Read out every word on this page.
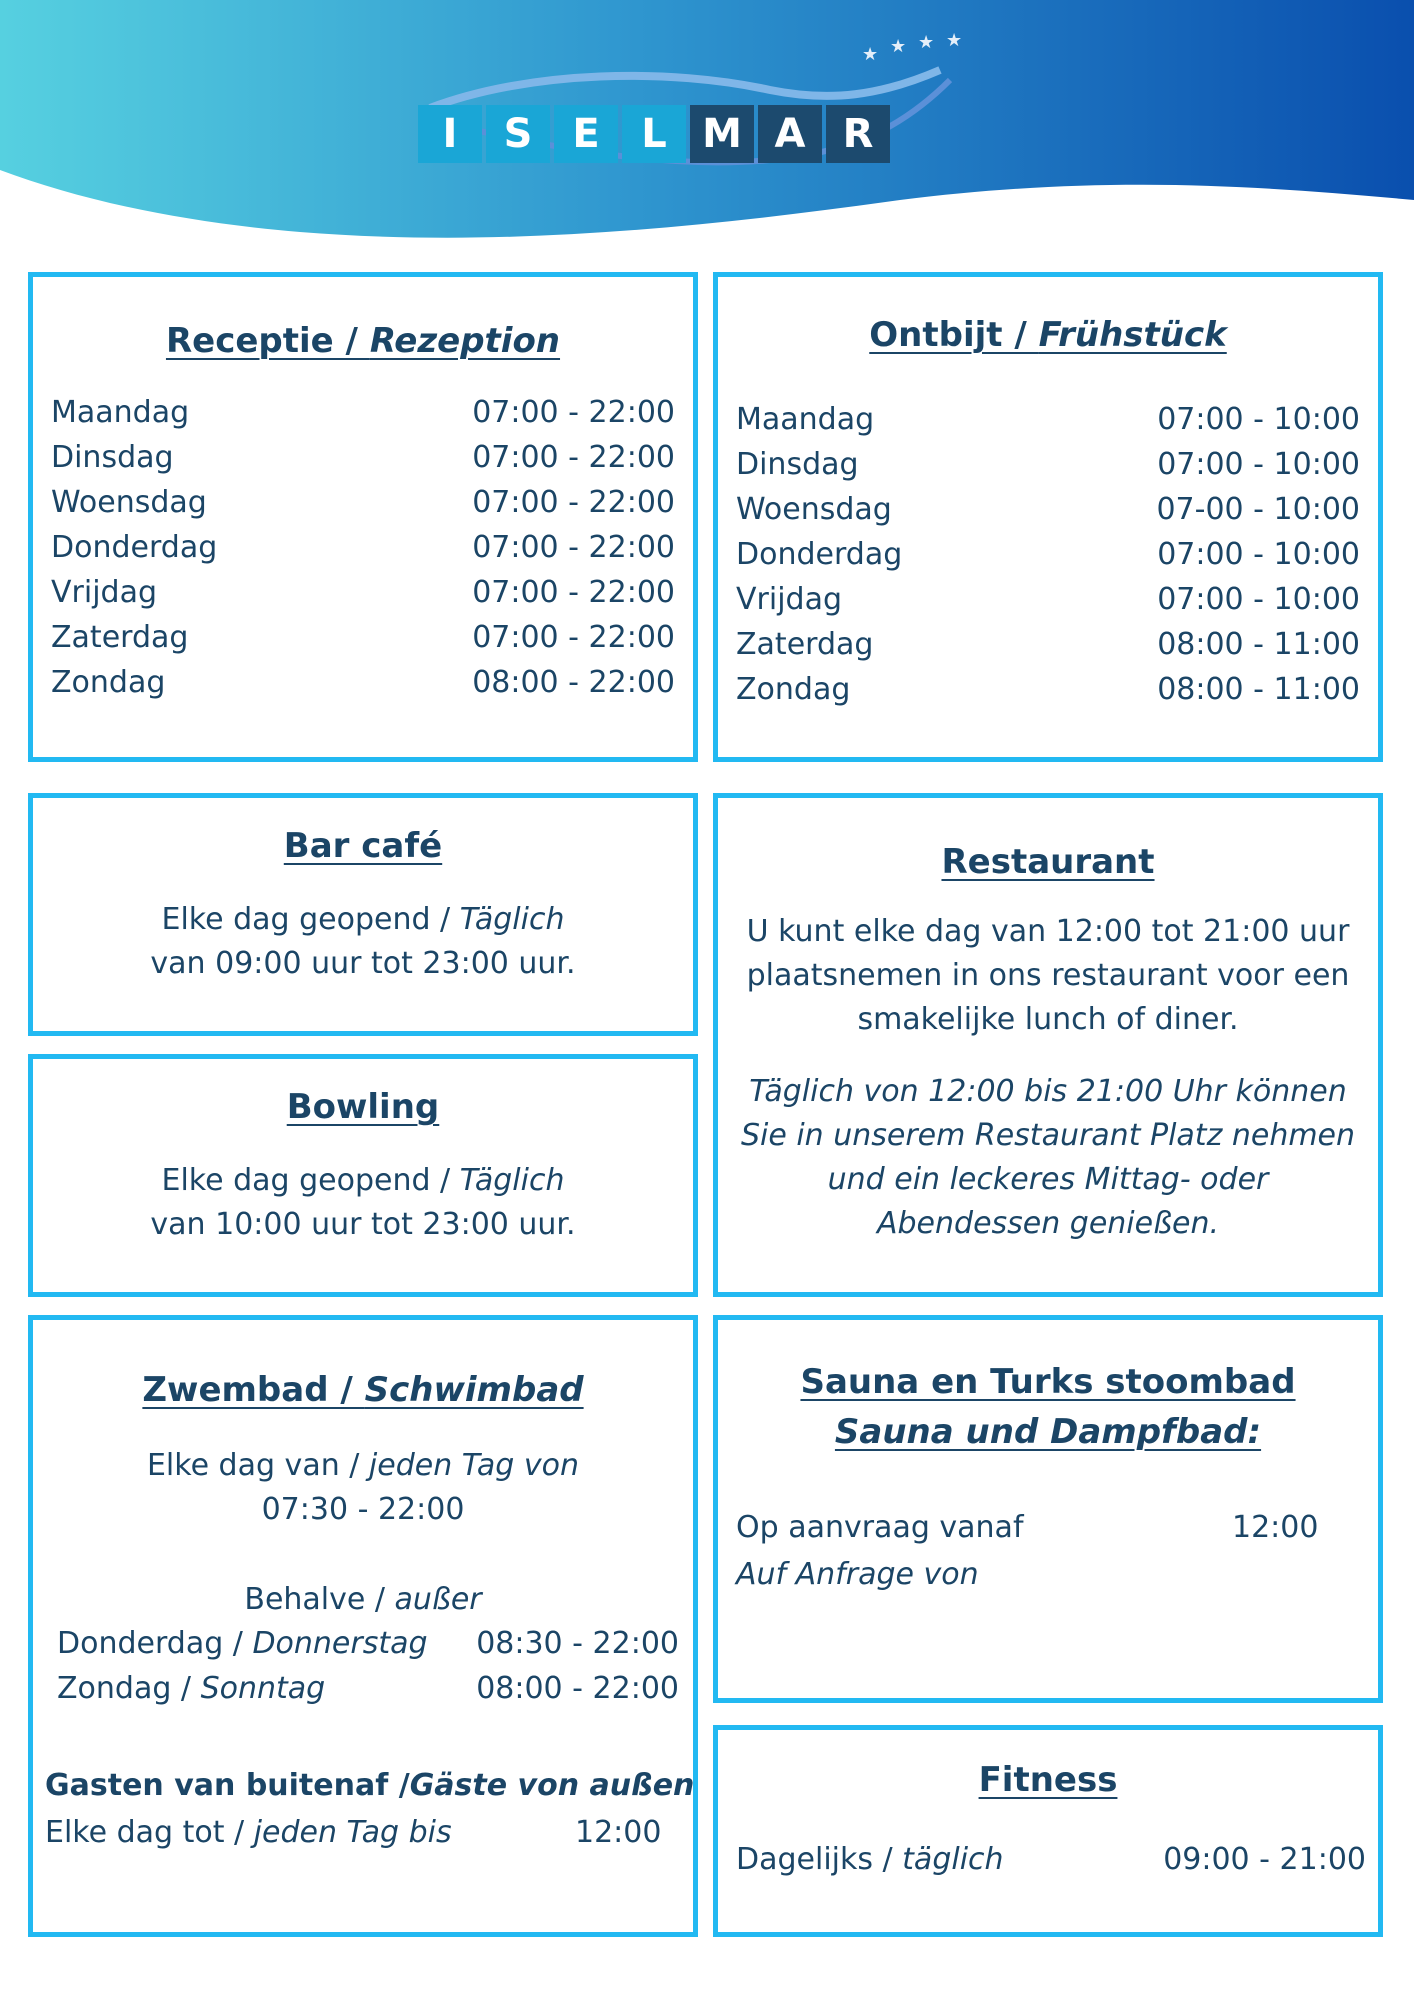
★ ★ ★ ★
I	S E	L M A R
Receptie / Rezeption
Maandag	07:00 - 22:00
Dinsdag	07:00 - 22:00
Woensdag	07:00 - 22:00
Donderdag	07:00 - 22:00
Vrijdag	07:00 - 22:00
Zaterdag	07:00 - 22:00
Zondag	08:00 - 22:00
Ontbijt / Frühstück
Maandag	07:00 - 10:00
Dinsdag	07:00 - 10:00
Woensdag	07-00 - 10:00
Donderdag	07:00 - 10:00
Vrijdag	07:00 - 10:00
Zaterdag	08:00 - 11:00
Zondag	08:00 - 11:00
Bar café
Elke dag geopend / Täglich
van 09:00 uur tot 23:00 uur.
Bowling
Elke dag geopend / Täglich
van 10:00 uur tot 23:00 uur.
Restaurant
U kunt elke dag van 12:00 tot 21:00 uur
plaatsnemen in ons restaurant voor een
smakelijke lunch of diner.
Täglich von 12:00 bis 21:00 Uhr können
Sie in unserem Restaurant Platz nehmen
und ein leckeres Mittag- oder
Abendessen genießen.
Zwembad / Schwimbad
Elke dag van / jeden Tag von
07:30 - 22:00
Behalve / außer
Donderdag / Donnerstag 08:30 - 22:00
Zondag / Sonntag	08:00 - 22:00
Gasten van buitenaf /Gäste von außen
Elke dag tot / jeden Tag bis	12:00
Sauna en Turks stoombad
Sauna und Dampfbad:
Op aanvraag vanaf	12:00
Auf Anfrage von
Fitness
Dagelijks / täglich	09:00 - 21:00
